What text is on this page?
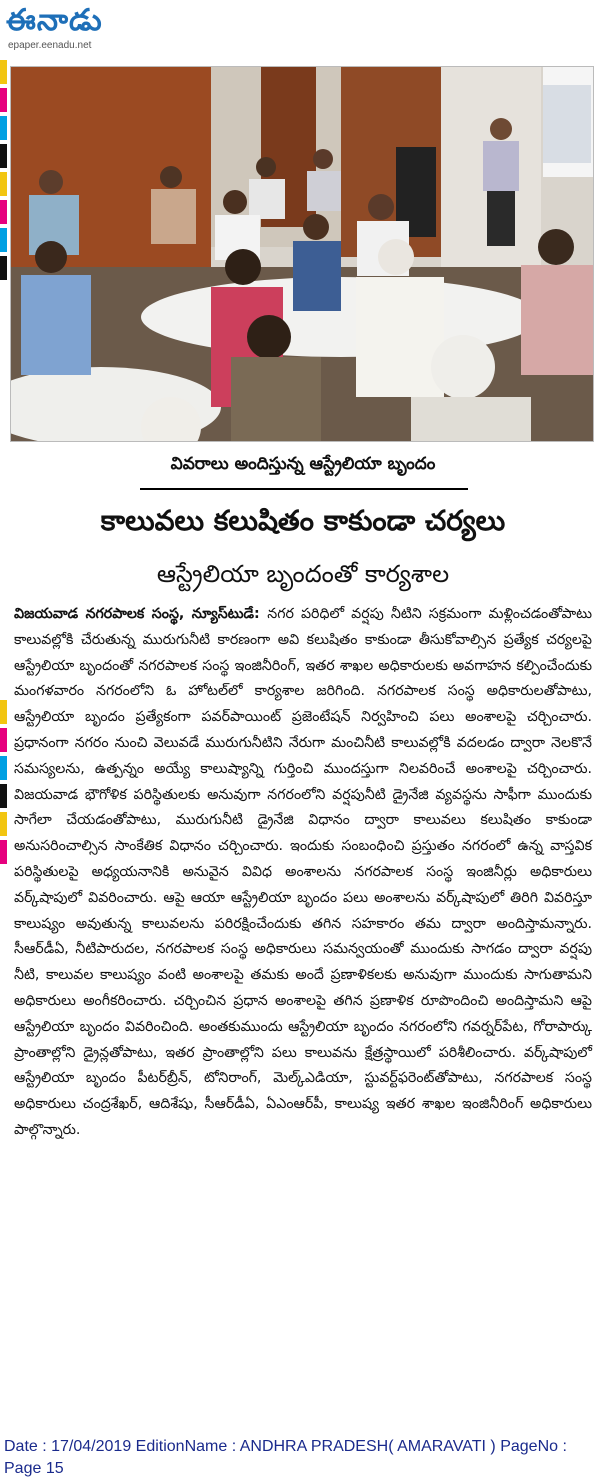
ఈనాడు
epaper.eenadu.net
వివరాలు అందిస్తున్న ఆస్ట్రేలియా బృందం
కాలువలు కలుషితం కాకుండా చర్యలు
ఆస్ట్రేలియా బృందంతో కార్యశాల
విజయవాడ నగరపాలక సంస్థ, న్యూస్‌టుడే: నగర పరిధిలో వర్షపు నీటిని సక్రమంగా మళ్లించడంతోపాటు కాలువల్లోకి చేరుతున్న మురుగునీటి కారణంగా అవి కలుషితం కాకుండా తీసుకోవాల్సిన ప్రత్యేక చర్యలపై ఆస్ట్రేలియా బృందంతో నగరపాలక సంస్థ ఇంజినీరింగ్, ఇతర శాఖల అధికారులకు అవగాహన కల్పించేందుకు మంగళవారం నగరంలోని ఓ హోటల్‌లో కార్యశాల జరిగింది. నగరపాలక సంస్థ అధికారులతోపాటు, ఆస్ట్రేలియా బృందం ప్రత్యేకంగా పవర్‌పాయింట్ ప్రజెంటేషన్ నిర్వహించి పలు అంశాలపై చర్చించారు. ప్రధానంగా నగరం నుంచి వెలువడే మురుగునీటిని నేరుగా మంచినీటి కాలువల్లోకి వదలడం ద్వారా నెలకొనే సమస్యలను, ఉత్పన్నం అయ్యే కాలుష్యాన్ని గుర్తించి ముందస్తుగా నిలవరించే అంశాలపై చర్చించారు. విజయవాడ భౌగోళిక పరిస్థితులకు అనువుగా నగరంలోని వర్షపునీటి డ్రైనేజి వ్యవస్థను సాఫీగా ముందుకు సాగేలా చేయడంతోపాటు, మురుగునీటి డ్రైనేజి విధానం ద్వారా కాలువలు కలుషితం కాకుండా అనుసరించాల్సిన సాంకేతిక విధానం చర్చించారు. ఇందుకు సంబంధించి ప్రస్తుతం నగరంలో ఉన్న వాస్తవిక పరిస్థితులపై అధ్యయనానికి అనువైన వివిధ అంశాలను నగరపాలక సంస్థ ఇంజినీర్లు అధికారులు వర్క్‌షాపులో వివరించారు. ఆపై ఆయా ఆస్ట్రేలియా బృందం పలు అంశాలను వర్క్‌షాపులో తిరిగి వివరిస్తూ కాలుష్యం అవుతున్న కాలువలను పరిరక్షించేందుకు తగిన సహకారం తమ ద్వారా అందిస్తామన్నారు. సీఆర్‌డీఏ, నీటిపారుదల, నగరపాలక సంస్థ అధికారులు సమన్వయంతో ముందుకు సాగడం ద్వారా వర్షపు నీటి, కాలువల కాలుష్యం వంటి అంశాలపై తమకు అందే ప్రణాళికలకు అనువుగా ముందుకు సాగుతామని అధికారులు అంగీకరించారు. చర్చించిన ప్రధాన అంశాలపై తగిన ప్రణాళిక రూపొందించి అందిస్తామని ఆపై ఆస్ట్రేలియా బృందం వివరించింది. అంతకుముందు ఆస్ట్రేలియా బృందం నగరంలోని గవర్నర్‌పేట, గోరాపార్కు ప్రాంతాల్లోని డ్రైన్లతోపాటు, ఇతర ప్రాంతాల్లోని పలు కాలువను క్షేత్రస్థాయిలో పరిశీలించారు. వర్క్‌షాపులో ఆస్ట్రేలియా బృందం పీటర్‌బ్రీన్, టోనిరాంగ్, మెల్క్‌ఎడియా, స్టువర్ట్‌ఫరెంట్‌తోపాటు, నగరపాలక సంస్థ అధికారులు చంద్రశేఖర్, ఆదిశేషు, సీఆర్‌డీఏ, ఏఎంఆర్‌పీ, కాలుష్య ఇతర శాఖల ఇంజినీరింగ్ అధికారులు పాల్గొన్నారు.
Date : 17/04/2019 EditionName : ANDHRA PRADESH( AMARAVATI ) PageNo : Page 15
